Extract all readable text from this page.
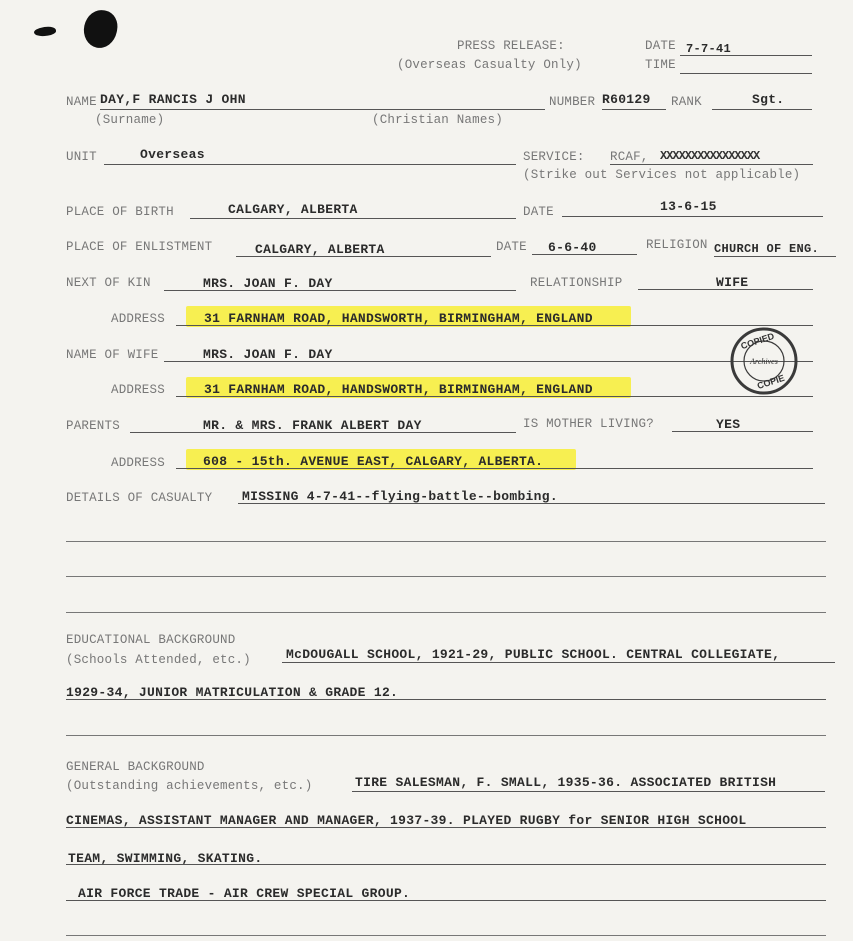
PRESS RELEASE:
(Overseas Casualty Only)
DATE 7-7-41
TIME
NAME DAY,F RANCIS J OHN
(Surname)	(Christian Names)
NUMBER R60129 RANK	Sgt.
UNIT	Overseas	SERVICE: RCAF, XXXXXXXXXXXXXXXX
(Strike out Services not applicable)
PLACE OF BIRTH	CALGARY, ALBERTA	DATE	13-6-15
PLACE OF ENLISTMENT	CALGARY, ALBERTA	DATE 6-6-40	RELIGION CHURCH OF ENG.
NEXT OF KIN	MRS. JOAN F. DAY	RELATIONSHIP	WIFE
ADDRESS	31 FARNHAM ROAD, HANDSWORTH, BIRMINGHAM, ENGLAND
NAME OF WIFE	MRS. JOAN F. DAY
ADDRESS	31 FARNHAM ROAD, HANDSWORTH, BIRMINGHAM, ENGLAND
PARENTS	MR. & MRS. FRANK ALBERT DAY	IS MOTHER LIVING?	YES
ADDRESS	608 - 15th. AVENUE EAST, CALGARY, ALBERTA.
DETAILS OF CASUALTY MISSING 4-7-41--flying-battle--bombing.
EDUCATIONAL BACKGROUND
(Schools Attended, etc.)	McDOUGALL SCHOOL, 1921-29, PUBLIC SCHOOL. CENTRAL COLLEGIATE,
1929-34, JUNIOR MATRICULATION & GRADE 12.
GENERAL BACKGROUND
(Outstanding achievements, etc.)	TIRE SALESMAN, F. SMALL, 1935-36. ASSOCIATED BRITISH
CINEMAS, ASSISTANT MANAGER AND MANAGER, 1937-39. PLAYED RUGBY for SENIOR HIGH SCHOOL
TEAM, SWIMMING, SKATING.
AIR FORCE TRADE - AIR CREW SPECIAL GROUP.
COPIED
Archives
COPIE
